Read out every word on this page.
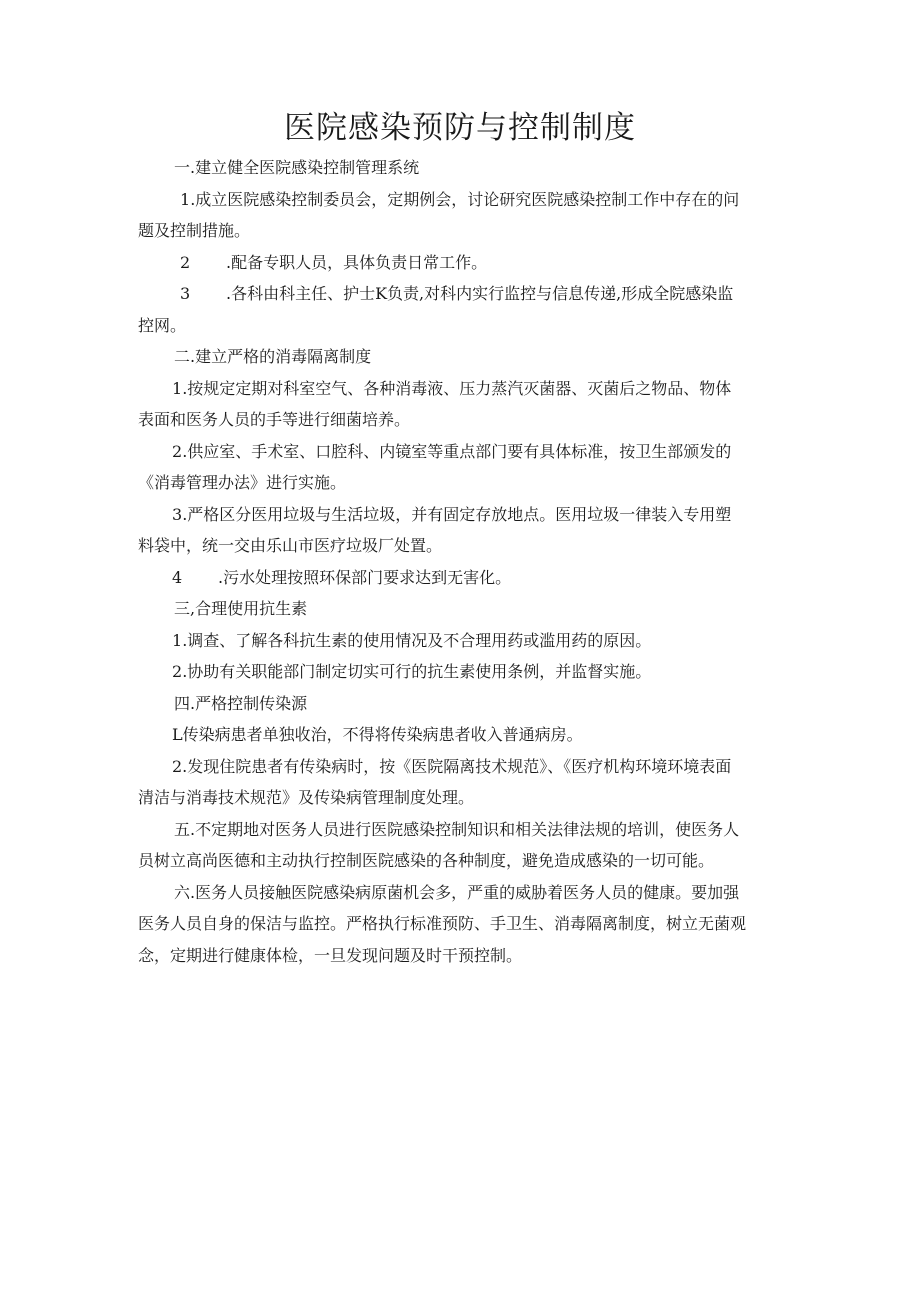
医院感染预防与控制制度
一.建立健全医院感染控制管理系统
1.成立医院感染控制委员会，定期例会，讨论研究医院感染控制工作中存在的问
题及控制措施。
2 .配备专职人员，具体负责日常工作。
3 .各科由科主任、护士K负责,对科内实行监控与信息传递,形成全院感染监
控网。
二.建立严格的消毒隔离制度
1.按规定定期对科室空气、各种消毒液、压力蒸汽灭菌器、灭菌后之物品、物体
表面和医务人员的手等进行细菌培养。
2.供应室、手术室、口腔科、内镜室等重点部门要有具体标准，按卫生部颁发的
《消毒管理办法》进行实施。
3.严格区分医用垃圾与生活垃圾，并有固定存放地点。医用垃圾一律装入专用塑
料袋中，统一交由乐山市医疗垃圾厂处置。
4 .污水处理按照环保部门要求达到无害化。
三,合理使用抗生素
1.调查、了解各科抗生素的使用情况及不合理用药或滥用药的原因。
2.协助有关职能部门制定切实可行的抗生素使用条例，并监督实施。
四.严格控制传染源
L传染病患者单独收治，不得将传染病患者收入普通病房。
2.发现住院患者有传染病时，按《医院隔离技术规范》、《医疗机构环境环境表面
清洁与消毒技术规范》及传染病管理制度处理。
五.不定期地对医务人员进行医院感染控制知识和相关法律法规的培训，使医务人
员树立高尚医德和主动执行控制医院感染的各种制度，避免造成感染的一切可能。
六.医务人员接触医院感染病原菌机会多，严重的威胁着医务人员的健康。要加强
医务人员自身的保洁与监控。严格执行标准预防、手卫生、消毒隔离制度，树立无菌观
念，定期进行健康体检，一旦发现问题及时干预控制。
